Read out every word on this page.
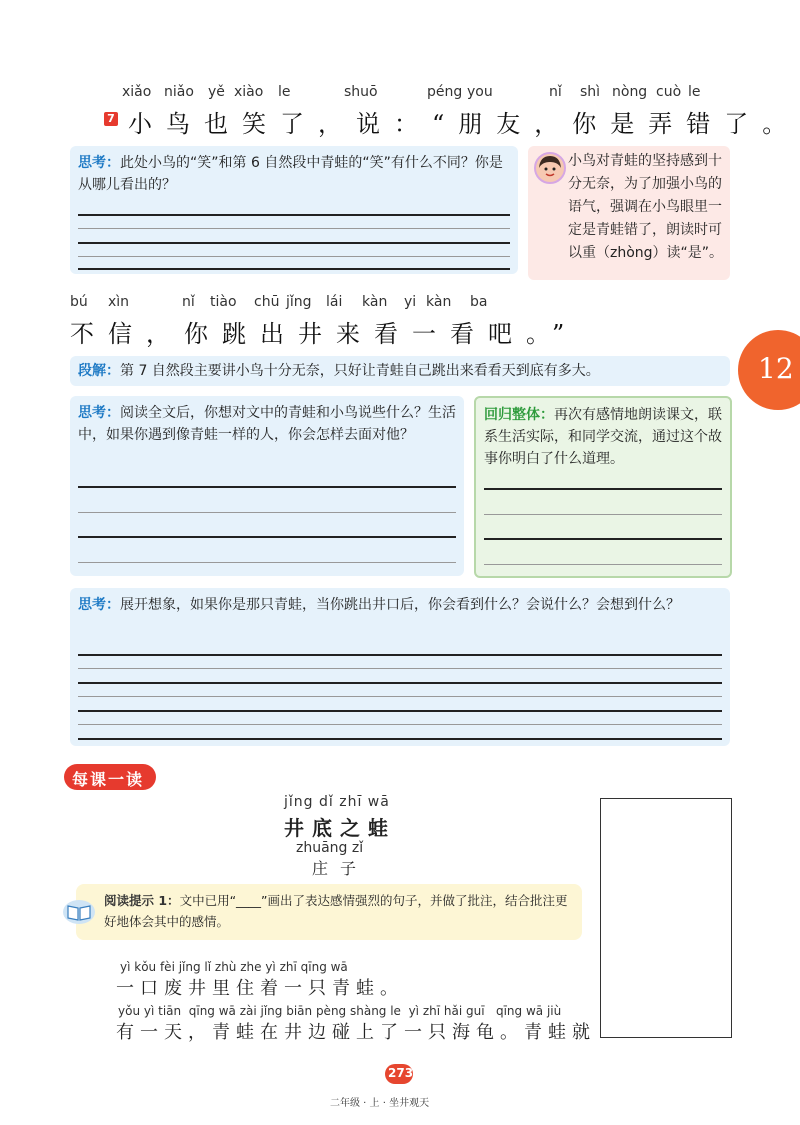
xiǎo niǎo yě xiào le	shuō	péng you	nǐ shì nòng cuò le
7 小鸟也笑了，说：“朋友，你是弄错了。
思考：此处小鸟的“笑”和第 6 自然段中青蛙的“笑”有什么不同？你是从哪儿看出的？
小鸟对青蛙的坚持感到十分无奈，为了加强小鸟的语气，强调在小鸟眼里一定是青蛙错了，朗读时可以重（zhòng）读“是”。
bú xìn	nǐ tiào chū jǐng lái kàn yi kàn ba
不信，你跳出井来看一看吧。”
12
段解：第 7 自然段主要讲小鸟十分无奈，只好让青蛙自己跳出来看看天到底有多大。
思考：阅读全文后，你想对文中的青蛙和小鸟说些什么？生活中，如果你遇到像青蛙一样的人，你会怎样去面对他？
回归整体：再次有感情地朗读课文，联系生活实际，和同学交流，通过这个故事你明白了什么道理。
思考：展开想象，如果你是那只青蛙，当你跳出井口后，你会看到什么？会说什么？会想到什么？
每课一读
jǐng dǐ zhī wā
井底之蛙
zhuāng zǐ
庄子
阅读提示 1：文中已用“____”画出了表达感情强烈的句子，并做了批注，结合批注更好地体会其中的感情。
yì kǒu fèi jǐng lǐ zhù zhe yì zhī qīng wā
一口废井里住着一只青蛙。
yǒu yì tiān  qīng wā zài jǐng biān pèng shàng le  yì zhī hǎi guī   qīng wā jiù
有一天，青蛙在井边碰上了一只海龟。青蛙就
273
二年级 · 上 · 坐井观天
